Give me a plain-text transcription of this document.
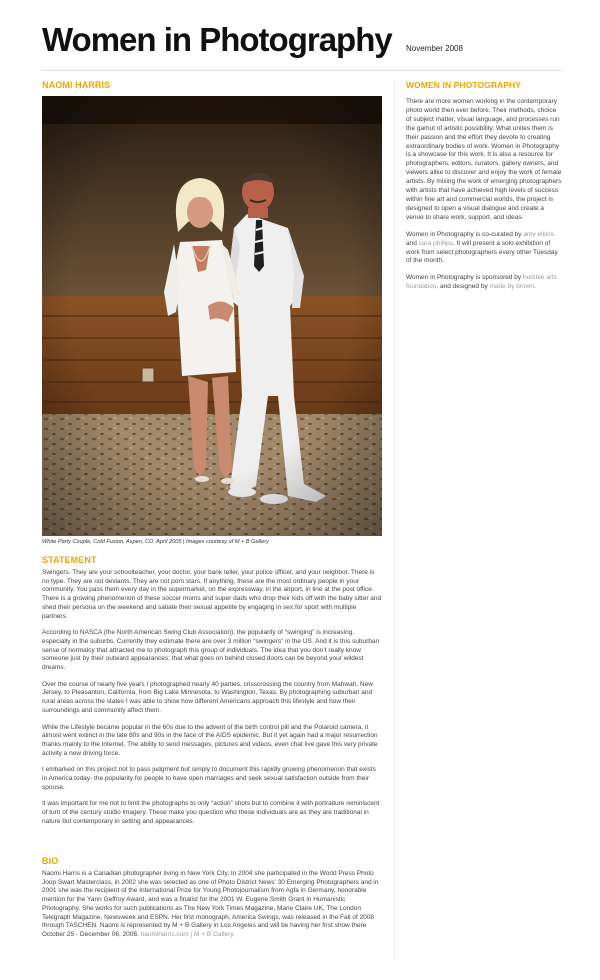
Women in Photography November 2008
NAOMI HARRIS
White Party Couple, Cold Fusion, Aspen, CO. April 2005 | Images courtesy of M + B Gallery
STATEMENT

Swingers. They are your schoolteacher, your doctor, your bank teller, your police officer, and your neighbor. There is no type. They are not deviants. They are not porn stars. If anything, these are the most ordinary people in your community. You pass them every day in the supermarket, on the expressway, in the airport, in line at the post office. There is a growing phenomenon of these soccer moms and super dads who drop their kids off with the baby sitter and shed their persona on the weekend and satiate their sexual appetite by engaging in sex for sport with multiple partners.

According to NASCA (the North American Swing Club Association), the popularity of “swinging” is increasing, especially in the suburbs. Currently they estimate there are over 3 million “swingers” in the US. And it is this suburban sense of normalcy that attracted me to photograph this group of individuals. The idea that you don’t really know someone just by their outward appearances; that what goes on behind closed doors can be beyond your wildest dreams.

Over the course of nearly five years I photographed nearly 40 parties, crisscrossing the country from Mahwah, New Jersey, to Pleasanton, California, from Big Lake Minnesota, to Washington, Texas. By photographing suburban and rural areas across the states I was able to show how different Americans approach this lifestyle and how their surroundings and community affect them.

While the Lifestyle became popular in the 60s due to the advent of the birth control pill and the Polaroid camera, it almost went extinct in the late 80s and 90s in the face of the AIDS epidemic. But it yet again had a major resurrection thanks mainly to the Internet. The ability to send messages, pictures and videos, even chat live gave this very private activity a new driving force.

I embarked on this project not to pass judgment but simply to document this rapidly growing phenomenon that exists in America today- the popularity for people to have open marriages and seek sexual satisfaction outside from their spouse.

It was important for me not to limit the photographs to only “action” shots but to combine it with portraiture reminiscent of turn of the century studio imagery. These make you question who these individuals are as they are traditional in nature but contemporary in setting and appearances.

BIO

Naomi Harris is a Canadian photographer living in New York City. In 2004 she participated in the World Press Photo Joop Swart Masterclass, in 2002 she was selected as one of Photo District News’ 30 Emerging Photographers and in 2001 she was the recipient of the International Prize for Young Photojournalism from Agfa in Germany, honorable mention for the Yann Geffroy Award, and was a finalist for the 2001 W. Eugene Smith Grant in Humanistic Photography. She works for such publications as The New York Times Magazine, Marie Claire UK, The London Telegraph Magazine, Newsweek and ESPN. Her first monograph, America Swings, was released in the Fall of 2008 through TASCHEN. Naomi is represented by M + B Gallery in Los Angeles and will be having her first show there October 25 - December 06, 2008. naomiharris.com | M + B Gallery

WOMEN IN PHOTOGRAPHY

There are more women working in the contemporary photo world then ever before. Their methods, choice of subject matter, visual language, and processes run the gamut of artistic possibility. What unites them is their passion and the effort they devote to creating extraordinary bodies of work. Women in Photography is a showcase for this work. It is also a resource for photographers, editors, curators, gallery owners, and viewers alike to discover and enjoy the work of female artists. By mixing the work of emerging photographers with artists that have achieved high levels of success within fine art and commercial worlds, the project is designed to open a visual dialogue and create a venue to share work, support, and ideas.

Women in Photography is co-curated by amy elkins and cara phillips. It will present a solo exhibition of work from select photographers every other Tuesday of the month.

Women in Photography is sponsored by humble arts foundation, and designed by made by brown.
